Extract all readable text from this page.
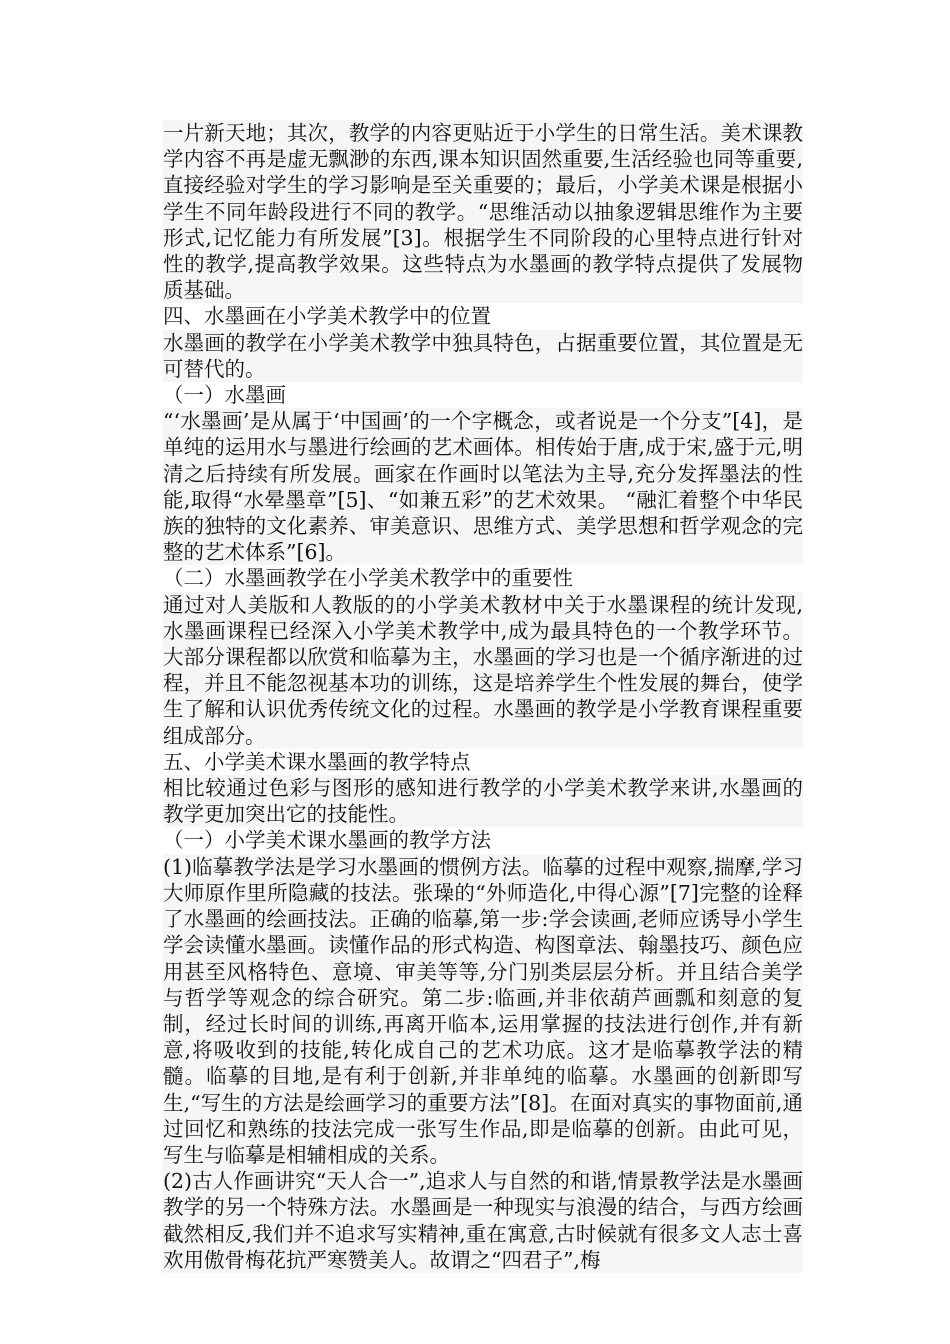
一片新天地；其次，教学的内容更贴近于小学生的日常生活。美术课教学内容不再是虚无飘渺的东西,课本知识固然重要,生活经验也同等重要,直接经验对学生的学习影响是至关重要的；最后，小学美术课是根据小学生不同年龄段进行不同的教学。“思维活动以抽象逻辑思维作为主要形式,记忆能力有所发展”[3]。根据学生不同阶段的心里特点进行针对性的教学,提高教学效果。这些特点为水墨画的教学特点提供了发展物质基础。

四、水墨画在小学美术教学中的位置

水墨画的教学在小学美术教学中独具特色，占据重要位置，其位置是无可替代的。

（一）水墨画

“‘水墨画’是从属于‘中国画’的一个字概念，或者说是一个分支”[4]，是单纯的运用水与墨进行绘画的艺术画体。相传始于唐,成于宋,盛于元,明清之后持续有所发展。画家在作画时以笔法为主导,充分发挥墨法的性能,取得“水晕墨章”[5]、“如兼五彩”的艺术效果。 “融汇着整个中华民族的独特的文化素养、审美意识、思维方式、美学思想和哲学观念的完整的艺术体系”[6]。

（二）水墨画教学在小学美术教学中的重要性

通过对人美版和人教版的的小学美术教材中关于水墨课程的统计发现,水墨画课程已经深入小学美术教学中,成为最具特色的一个教学环节。大部分课程都以欣赏和临摹为主，水墨画的学习也是一个循序渐进的过程，并且不能忽视基本功的训练，这是培养学生个性发展的舞台，使学生了解和认识优秀传统文化的过程。水墨画的教学是小学教育课程重要组成部分。

五、小学美术课水墨画的教学特点

相比较通过色彩与图形的感知进行教学的小学美术教学来讲,水墨画的教学更加突出它的技能性。

（一）小学美术课水墨画的教学方法

(1)临摹教学法是学习水墨画的惯例方法。临摹的过程中观察,揣摩,学习大师原作里所隐藏的技法。张璪的“外师造化,中得心源”[7]完整的诠释了水墨画的绘画技法。正确的临摹,第一步:学会读画,老师应诱导小学生学会读懂水墨画。读懂作品的形式构造、构图章法、翰墨技巧、颜色应用甚至风格特色、意境、审美等等,分门别类层层分析。并且结合美学与哲学等观念的综合研究。第二步:临画,并非依葫芦画瓢和刻意的复制，经过长时间的训练,再离开临本,运用掌握的技法进行创作,并有新意,将吸收到的技能,转化成自己的艺术功底。这才是临摹教学法的精髓。临摹的目地,是有利于创新,并非单纯的临摹。水墨画的创新即写生,“写生的方法是绘画学习的重要方法”[8]。在面对真实的事物面前,通过回忆和熟练的技法完成一张写生作品,即是临摹的创新。由此可见，写生与临摹是相辅相成的关系。

(2)古人作画讲究“天人合一”,追求人与自然的和谐,情景教学法是水墨画教学的另一个特殊方法。水墨画是一种现实与浪漫的结合，与西方绘画截然相反,我们并不追求写实精神,重在寓意,古时候就有很多文人志士喜欢用傲骨梅花抗严寒赞美人。故谓之“四君子”,梅
